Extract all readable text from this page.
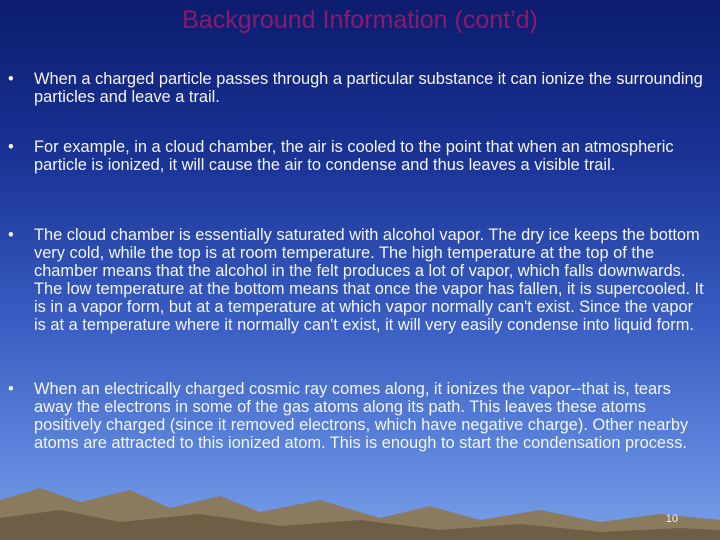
Background Information (cont’d)
•	When a charged particle passes through a particular substance it can ionize the surrounding particles and leave a trail.
•	For example, in a cloud chamber, the air is cooled to the point that when an atmospheric particle is ionized, it will cause the air to condense and thus leaves a visible trail.
•	The cloud chamber is essentially saturated with alcohol vapor. The dry ice keeps the bottom very cold, while the top is at room temperature. The high temperature at the top of the chamber means that the alcohol in the felt produces a lot of vapor, which falls downwards. The low temperature at the bottom means that once the vapor has fallen, it is supercooled. It is in a vapor form, but at a temperature at which vapor normally can't exist. Since the vapor is at a temperature where it normally can't exist, it will very easily condense into liquid form.
•	When an electrically charged cosmic ray comes along, it ionizes the vapor--that is, tears away the electrons in some of the gas atoms along its path. This leaves these atoms positively charged (since it removed electrons, which have negative charge). Other nearby atoms are attracted to this ionized atom. This is enough to start the condensation process.
10
